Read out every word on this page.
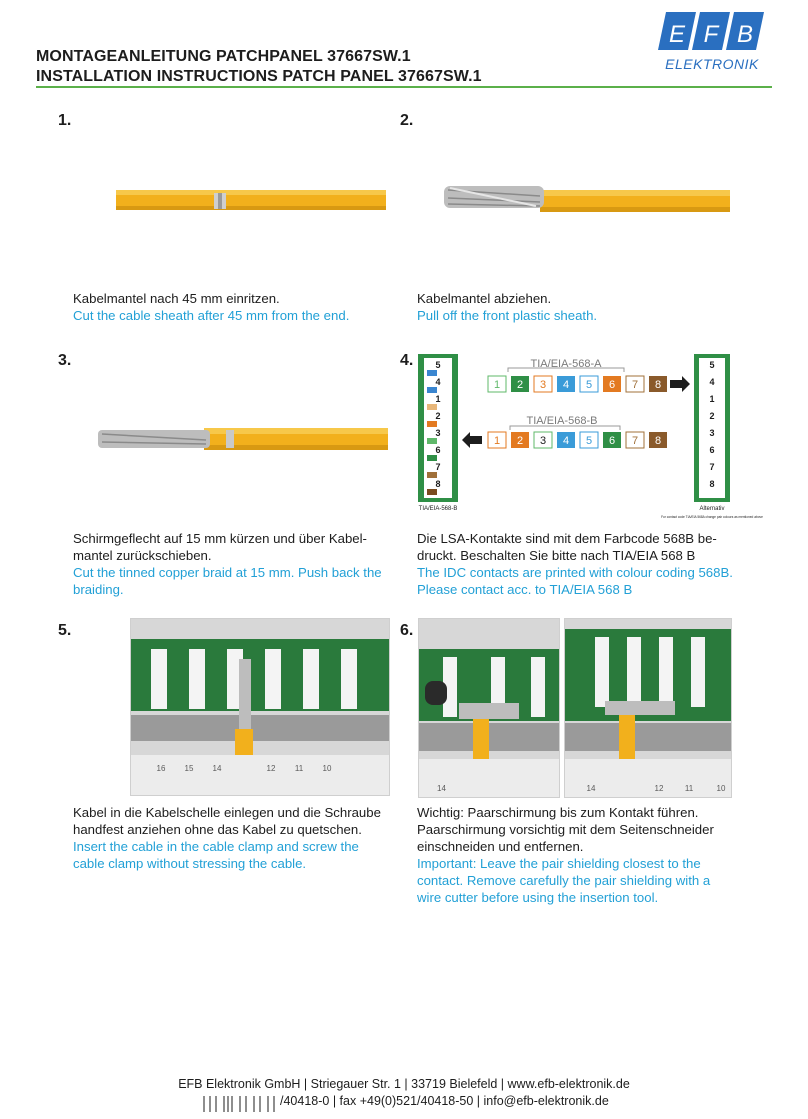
MONTAGEANLEITUNG PATCHPANEL 37667SW.1
INSTALLATION INSTRUCTIONS PATCH PANEL 37667SW.1
E F B
ELEKTRONIK
1.	2.
3.	4.
5.	6.
5
4
1
2
3
6
7
8
TIA/EIA-568-B
5
4
1
2
3
6
7
8
Alternativ
For contact code TIA/EIA 568A change pair colours as mentioned above
TIA/EIA-568-A
1 2 3 4 5 6 7 8
TIA/EIA-568-B
1 2 3 4 5 6 7 8
16 15 14	12 11 10
14	14	12	11	10
Kabelmantel nach 45 mm einritzen.
Cut the cable sheath after 45 mm from the end.
Kabelmantel abziehen.
Pull off the front plastic sheath.
Schirmgeflecht auf 15 mm kürzen und über Kabelmantel zurückschieben.
Cut the tinned copper braid at 15 mm. Push back the braiding.
Die LSA-Kontakte sind mit dem Farbcode 568B bedruckt. Beschalten Sie bitte nach TIA/EIA 568 B
The IDC contacts are printed with colour coding 568B. Please contact acc. to TIA/EIA 568 B
Kabel in die Kabelschelle einlegen und die Schraube handfest anziehen ohne das Kabel zu quetschen.
Insert the cable in the cable clamp and screw the cable clamp without stressing the cable.
Wichtig: Paarschirmung bis zum Kontakt führen. Paarschirmung vorsichtig mit dem Seitenschneider einschneiden und entfernen.
Important: Leave the pair shielding closest to the contact. Remove carefully the pair shielding with a wire cutter before using the insertion tool.
EFB Elektronik GmbH | Striegauer Str. 1 | 33719 Bielefeld | www.efb-elektronik.de
/40418-0 | fax +49(0)521/40418-50 | info@efb-elektronik.de
